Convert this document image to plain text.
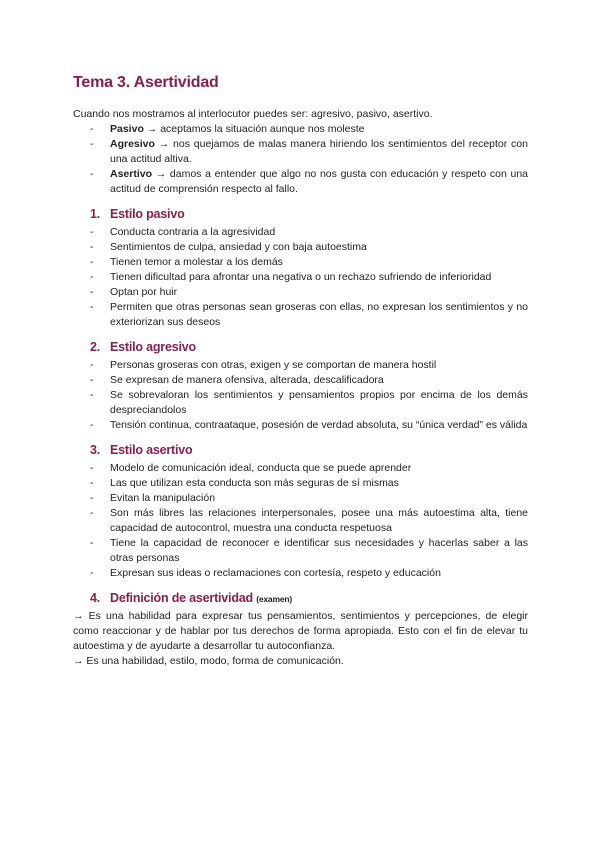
Tema 3. Asertividad

Cuando nos mostramos al interlocutor puedes ser: agresivo, pasivo, asertivo.

- Pasivo → aceptamos la situación aunque nos moleste
- Agresivo → nos quejamos de malas manera hiriendo los sentimientos del receptor con una actitud altiva.
- Asertivo → damos a entender que algo no nos gusta con educación y respeto con una actitud de comprensión respecto al fallo.
1. Estilo pasivo
- Conducta contraria a la agresividad
- Sentimientos de culpa, ansiedad y con baja autoestima
- Tienen temor a molestar a los demás
- Tienen dificultad para afrontar una negativa o un rechazo sufriendo de inferioridad
- Optan por huir
- Permiten que otras personas sean groseras con ellas, no expresan los sentimientos y no exteriorizan sus deseos
2. Estilo agresivo
- Personas groseras con otras, exigen y se comportan de manera hostil
- Se expresan de manera ofensiva, alterada, descalificadora
- Se sobrevaloran los sentimientos y pensamientos propios por encima de los demás despreciandolos
- Tensión continua, contraataque, posesión de verdad absoluta, su “única verdad” es válida
3. Estilo asertivo
- Modelo de comunicación ideal, conducta que se puede aprender
- Las que utilizan esta conducta son más seguras de sí mismas
- Evitan la manipulación
- Son más libres las relaciones interpersonales, posee una más autoestima alta, tiene capacidad de autocontrol, muestra una conducta respetuosa
- Tiene la capacidad de reconocer e identificar sus necesidades y hacerlas saber a las otras personas
- Expresan sus ideas o reclamaciones con cortesía, respeto y educación
4. Definición de asertividad (examen)

→ Es una habilidad para expresar tus pensamientos, sentimientos y percepciones, de elegir como reaccionar y de hablar por tus derechos de forma apropiada. Esto con el fin de elevar tu autoestima y de ayudarte a desarrollar tu autoconfianza.

→ Es una habilidad, estilo, modo, forma de comunicación.
